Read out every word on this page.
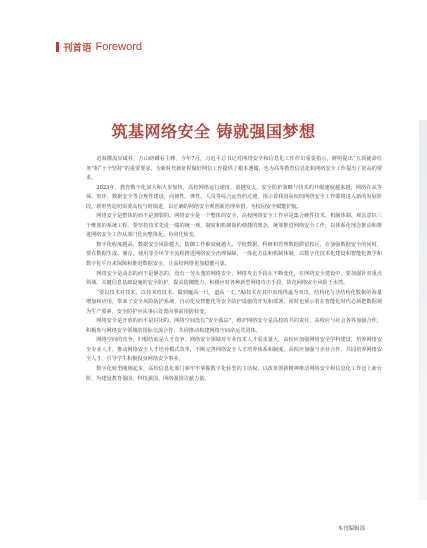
刊首语 Foreword
筑基网络安全 铸就强国梦想

沧海横流显砥柱，万山磅礴看主峰。今年7月，习近平总书记对网络安全和信息化工作作出重要指示，鲜明提出“五项使命任务”和“十个坚持”的重要要求，为新时代新征程做好网信工作提供了根本遵循，也为高等教育信息化和网络安全工作提出了更高的要求。

2023年，教育数字化加大和大步加快，高校网络运行速度、量越发大，安全防护策略与技术的升级速度越来越，网络在从等保、密评、数据安全等合规性建设，向韧性、弹性、人员等综合运营的过渡，预示着我国高校的网络安全工作即将进入新的发展阶段。新形势迫切需要高校与时俱进，以正确的网络安全观创新治理举措，为校园安全赋能护航。

网络安全是整体的而不是割裂的。网络安全是一个整体的安全，高校网络安全工作应是集合硬件技术、机制体制、观念意识三个维度的系统工程。要坚持技术先进一端的统一观，制度和机制简约便捷的理念，统筹推进网络安全工作，以体系化理念推动和推进网络安全工作从部门化向整体化、协同化转变。

数字化程度越高，数据安全风险越大，防御工作难度就越大。学校数据、科研和管理数据滞留校区，在加强数据安全的同时，要在数据生成、储存、使用等全环节全流程推进网络安全治理保障，一体化方法和机制体制，以数字化技术化建设和智能化教学和数字化平台来保障和推进数据安全，让高校网络更加稳健可靠。

网络安全是动态的而不是静态的。没有一劳永逸的网络安全，网络攻击手段在不断变化，在网络安全建设中，要加强针对重点领域、关键信息基础设施的安全防护，提高防御能力，积极应对各种新型网络攻击手段，防范网络安全风险于未然。

“要以技术对技术，以技术管技术，做到魔高一尺，道高一丈。”AI技术在其中表现得最为突出，结构化与非结构化数据的海量增加和应用，带来了安全风险防护系统、自动化及智能化等安全防护设施的开发和部署、同时也预示着在智能化时代必须把数据视为生产要素，安全防护应从事后处置向事前预防转变。

网络安全是开放的而不是封闭的。网络空间没有“安全孤岛”，维护网络安全是高校的共同责任，高校应与社会各界加强合作，积极参与网络安全领域的国际交流合作，共同推动构建网络空间命运共同体。

网络空间的竞争，归根结底是人才竞争。网络安全领域对专业技术人才需求量大，高校应加强网络安全学科建设，培养网络安全专业人才，推动网络安全人才培养模式改革，不断完善网络安全人才培养体系和制度。高校应加强与企业合作，共同培养网络安全人才，引导学生积极投身网络安全事业。

数字化转型刚刚起步，高校信息化部门须牢牢掌握数字化转型的主动权，以改革创新精神推动网络安全和信息化工作迈上新台阶，为建设教育强国、科技强国、网络强国贡献力量。

本刊编辑部
